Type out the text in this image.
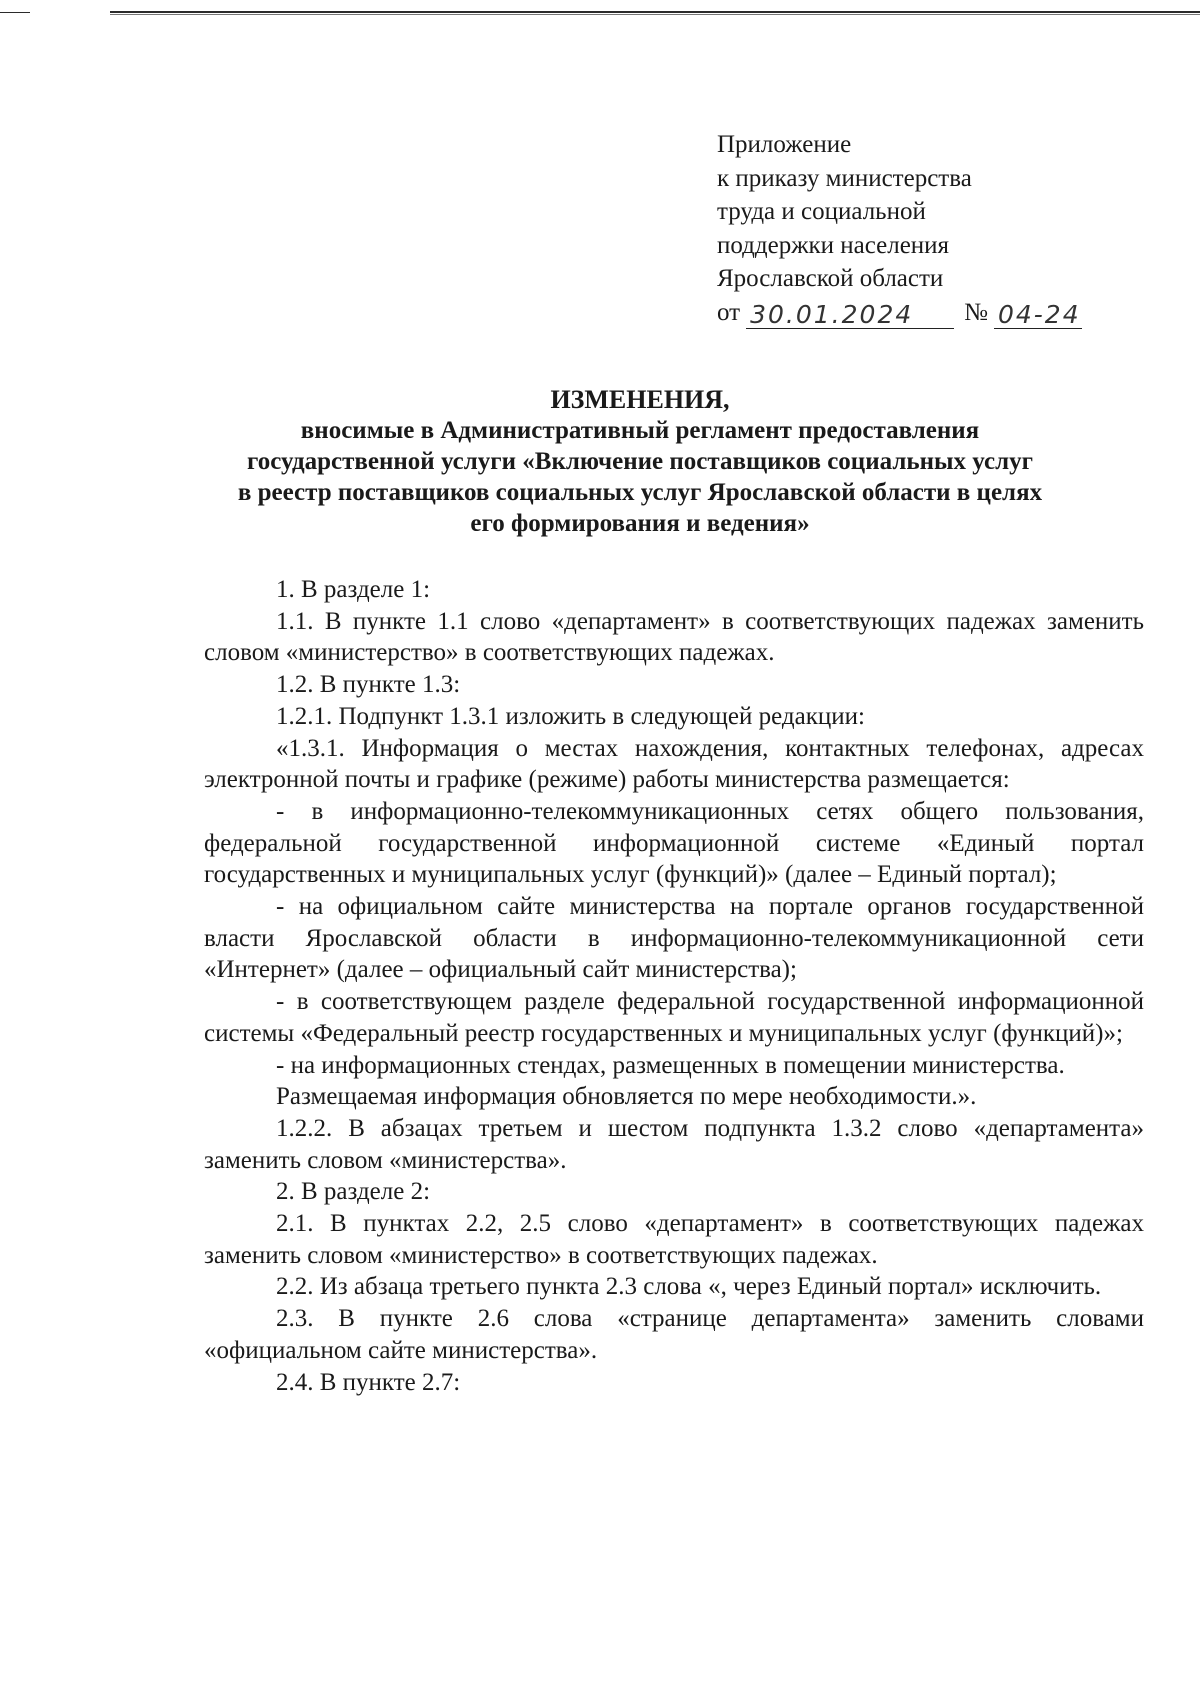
Приложение
к приказу министерства
труда и социальной
поддержки населения
Ярославской области
от 30.01.2024	№ 04-24
ИЗМЕНЕНИЯ,
вносимые в Административный регламент предоставления
государственной услуги «Включение поставщиков социальных услуг
в реестр поставщиков социальных услуг Ярославской области в целях
его формирования и ведения»

1. В разделе 1:

1.1. В пункте 1.1 слово «департамент» в соответствующих падежах заменить словом «министерство» в соответствующих падежах.

1.2. В пункте 1.3:

1.2.1. Подпункт 1.3.1 изложить в следующей редакции:

«1.3.1. Информация о местах нахождения, контактных телефонах, адресах электронной почты и графике (режиме) работы министерства размещается:

- в информационно-телекоммуникационных сетях общего пользования, федеральной государственной информационной системе «Единый портал государственных и муниципальных услуг (функций)» (далее – Единый портал);

- на официальном сайте министерства на портале органов государственной власти Ярославской области в информационно-телекоммуникационной сети «Интернет» (далее – официальный сайт министерства);

- в соответствующем разделе федеральной государственной информационной системы «Федеральный реестр государственных и муниципальных услуг (функций)»;

- на информационных стендах, размещенных в помещении министерства.

Размещаемая информация обновляется по мере необходимости.».

1.2.2. В абзацах третьем и шестом подпункта 1.3.2 слово «департамента» заменить словом «министерства».

2. В разделе 2:

2.1. В пунктах 2.2, 2.5 слово «департамент» в соответствующих падежах заменить словом «министерство» в соответствующих падежах.

2.2. Из абзаца третьего пункта 2.3 слова «, через Единый портал» исключить.

2.3. В пункте 2.6 слова «странице департамента» заменить словами «официальном сайте министерства».

2.4. В пункте 2.7:
